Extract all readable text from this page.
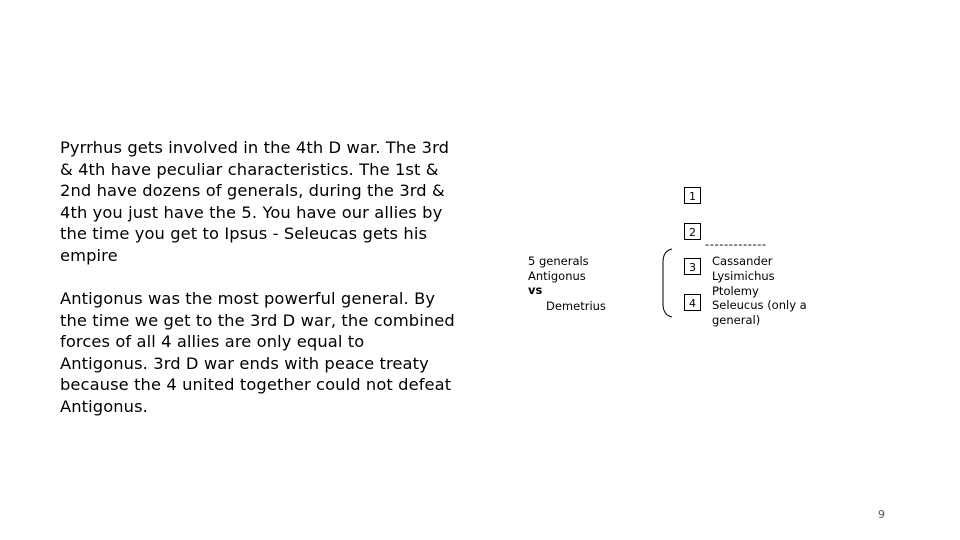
Pyrrhus gets involved in the 4th D war. The 3rd & 4th have peculiar characteristics. The 1st & 2nd have dozens of generals, during the 3rd & 4th you just have the 5. You have our allies by the time you get to Ipsus - Seleucas gets his empire

Antigonus was the most powerful general. By the time we get to the 3rd D war, the combined forces of all 4 allies are only equal to Antigonus. 3rd D war ends with peace treaty because the 4 united together could not defeat Antigonus.

5 generals
Antigonus
vs
Demetrius
1
2
3
4
-------------
Cassander
Lysimichus
Ptolemy
Seleucus (only a
general)
9
